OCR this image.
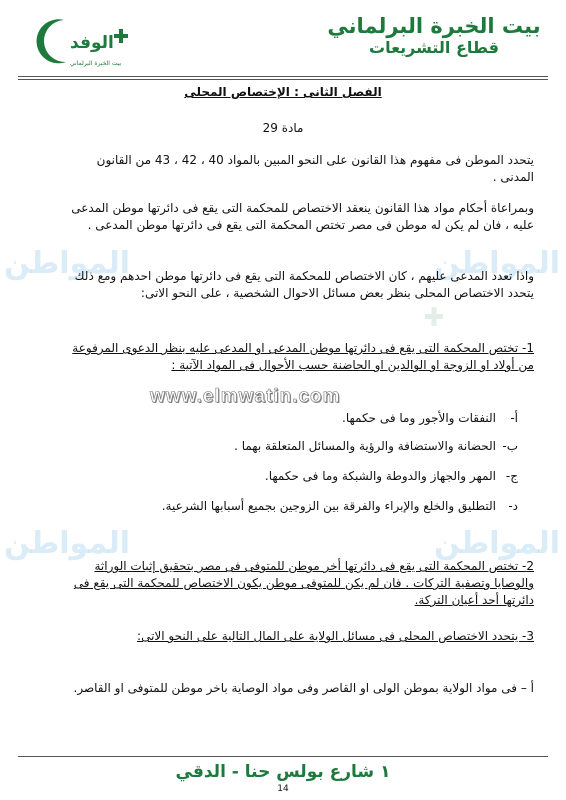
بيت الخبرة البرلماني
قطاع التشريعات
الوفد
بيت الخبرة البرلماني
المواطن
المواطن
المواطن
المواطن
الفصل الثانى : الإختصاص المحلى
مادة 29
يتحدد الموطن فى مفهوم هذا القانون على النحو المبين بالمواد 40 ، 42 ، 43 من القانون المدنى .
وبمراعاة أحكام مواد هذا القانون ينعقد الاختصاص للمحكمة التى يقع فى دائرتها موطن المدعى عليه ، فان لم يكن له موطن فى مصر تختص المحكمة التى يقع فى دائرتها موطن المدعى .
واذا تعدد المدعى عليهم ، كان الاختصاص للمحكمة التى يقع فى دائرتها موطن احدهم ومع ذلك يتحدد الاختصاص المحلى بنظر بعض مسائل الاحوال الشخصية ، على النحو الاتى:
1- تختص المحكمة التى يقع فى دائرتها موطن المدعى او المدعى عليه بنظر الدعوى المرفوعة من أولاد او الزوجة او الوالدين او الحاضنة حسب الأحوال فى المواد الآتية :
أ-النفقات والأجور وما فى حكمها.
ب-الحضانة والاستضافة والرؤية والمسائل المتعلقة بهما .
ج-المهر والجهاز والدوطة والشبكة وما فى حكمها.
د-التطليق والخلع والإبراء والفرقة بين الزوجين بجميع أسبابها الشرعية.
2- تختص المحكمة التى يقع فى دائرتها أخر موطن للمتوفى فى مصر بتحقيق إثبات الوراثة والوصايا وتصفية التركات . فان لم يكن للمتوفى موطن يكون الاختصاص للمحكمة التى يقع فى دائرتها أحد أعيان التركة.
3- يتحدد الاختصاص المحلى فى مسائل الولاية على المال التالية على النحو الاتى:
أ – فى مواد الولاية بموطن الولى او القاصر وفى مواد الوصاية باخر موطن للمتوفى او القاصر.
www.elmwatin.com
١ شارع بولس حنا - الدقي
14
